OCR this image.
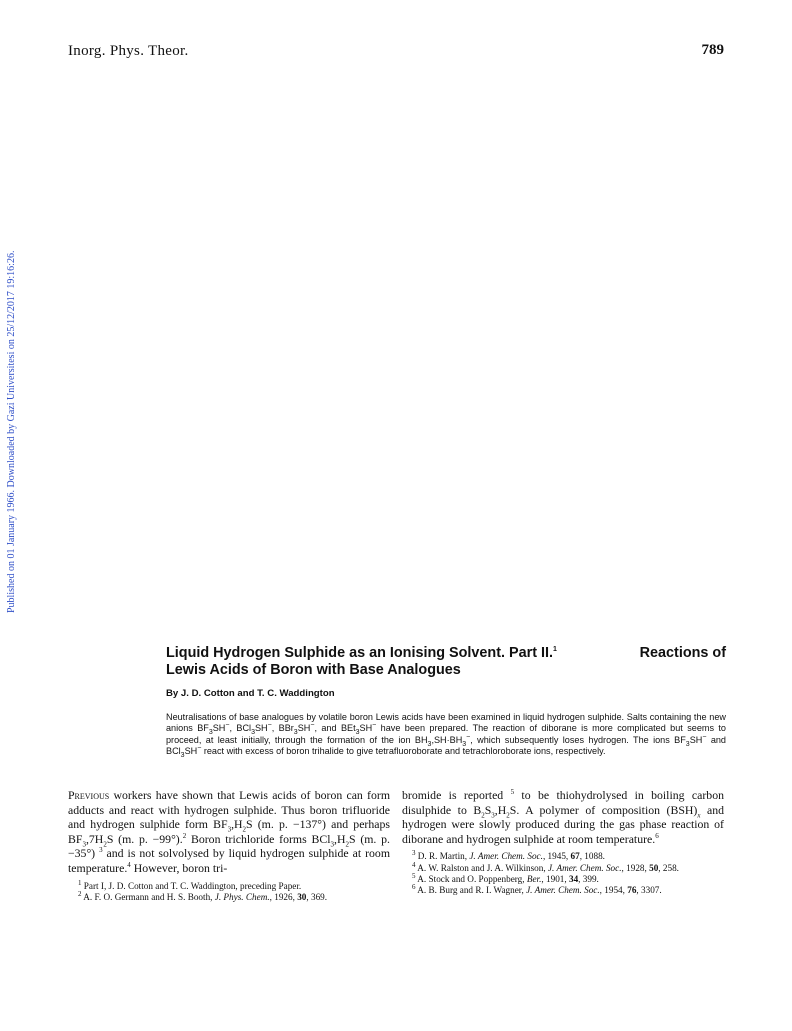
Inorg. Phys. Theor.	789
Published on 01 January 1966. Downloaded by Gazi Universitesi on 25/12/2017 19:16:26.
Liquid Hydrogen Sulphide as an Ionising Solvent. Part II.$^1$	Reactions of
Lewis Acids of Boron with Base Analogues
By J. D. Cotton and T. C. Waddington
Neutralisations of base analogues by volatile boron Lewis acids have been examined in liquid hydrogen sulphide. Salts containing the new anions $BF_3SH^-$, BCl$_3$SH−, BBr$_3$SH−, and BEt$_3$SH− have been prepared. The reaction of diborane is more complicated but seems to proceed, at least initially, through the formation of the ion $BH_3,SH\cdot BH_3^-$, which subsequently loses hydrogen. The ions $BF_3SH^-$ and BCl$_3$SH− react with excess of boron trihalide to give tetrafluoroborate and tetrachloroborate ions, respectively.
Previous workers have shown that Lewis acids of boron can form adducts and react with hydrogen sulphide. Thus boron trifluoride and hydrogen sulphide form $BF_3,H_2S$ (m. p. −137°) and perhaps $BF_3,7H_2S$ (m. p. −99°).$^2$ Boron trichloride forms $BCl_3,H_2S$ (m. p. −35°) $^3$ and is not solvolysed by liquid hydrogen sulphide at room temperature.$^4$ However, boron tri-

$^1$ Part I, J. D. Cotton and T. C. Waddington, preceding Paper.

$^2$ A. F. O. Germann and H. S. Booth, J. Phys. Chem., 1926, 30, 369.

bromide is reported $^5$ to be thiohydrolysed in boiling carbon disulphide to $B_2S_3,H_2S$. A polymer of composition $(BSH)_x$ and hydrogen were slowly produced during the gas phase reaction of diborane and hydrogen sulphide at room temperature.$^6$

$^3$ D. R. Martin, J. Amer. Chem. Soc., 1945, 67, 1088.

$^4$ A. W. Ralston and J. A. Wilkinson, J. Amer. Chem. Soc., 1928, 50, 258.

$^5$ A. Stock and O. Poppenberg, Ber., 1901, 34, 399.

$^6$ A. B. Burg and R. I. Wagner, J. Amer. Chem. Soc., 1954, 76, 3307.
